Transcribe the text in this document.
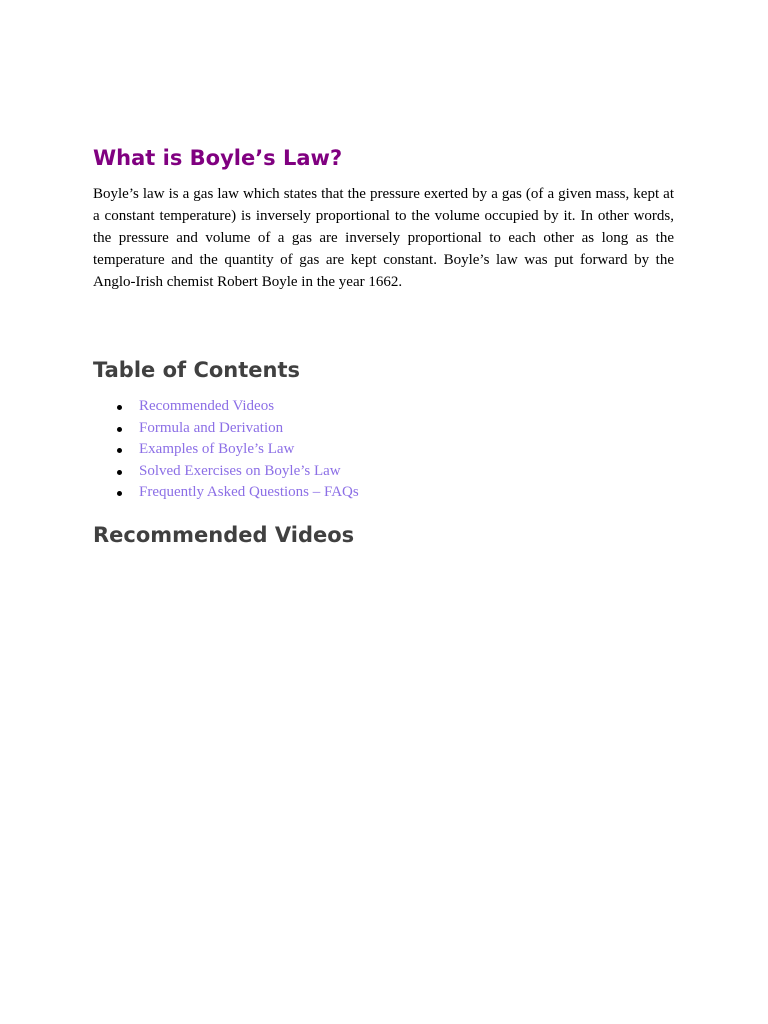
What is Boyle’s Law?

Boyle’s law is a gas law which states that the pressure exerted by a gas (of a given mass, kept at a constant temperature) is inversely proportional to the volume occupied by it. In other words, the pressure and volume of a gas are inversely proportional to each other as long as the temperature and the quantity of gas are kept constant. Boyle’s law was put forward by the Anglo-Irish chemist Robert Boyle in the year 1662.

Table of Contents
Recommended Videos
Formula and Derivation
Examples of Boyle’s Law
Solved Exercises on Boyle’s Law
Frequently Asked Questions – FAQs
Recommended Videos
